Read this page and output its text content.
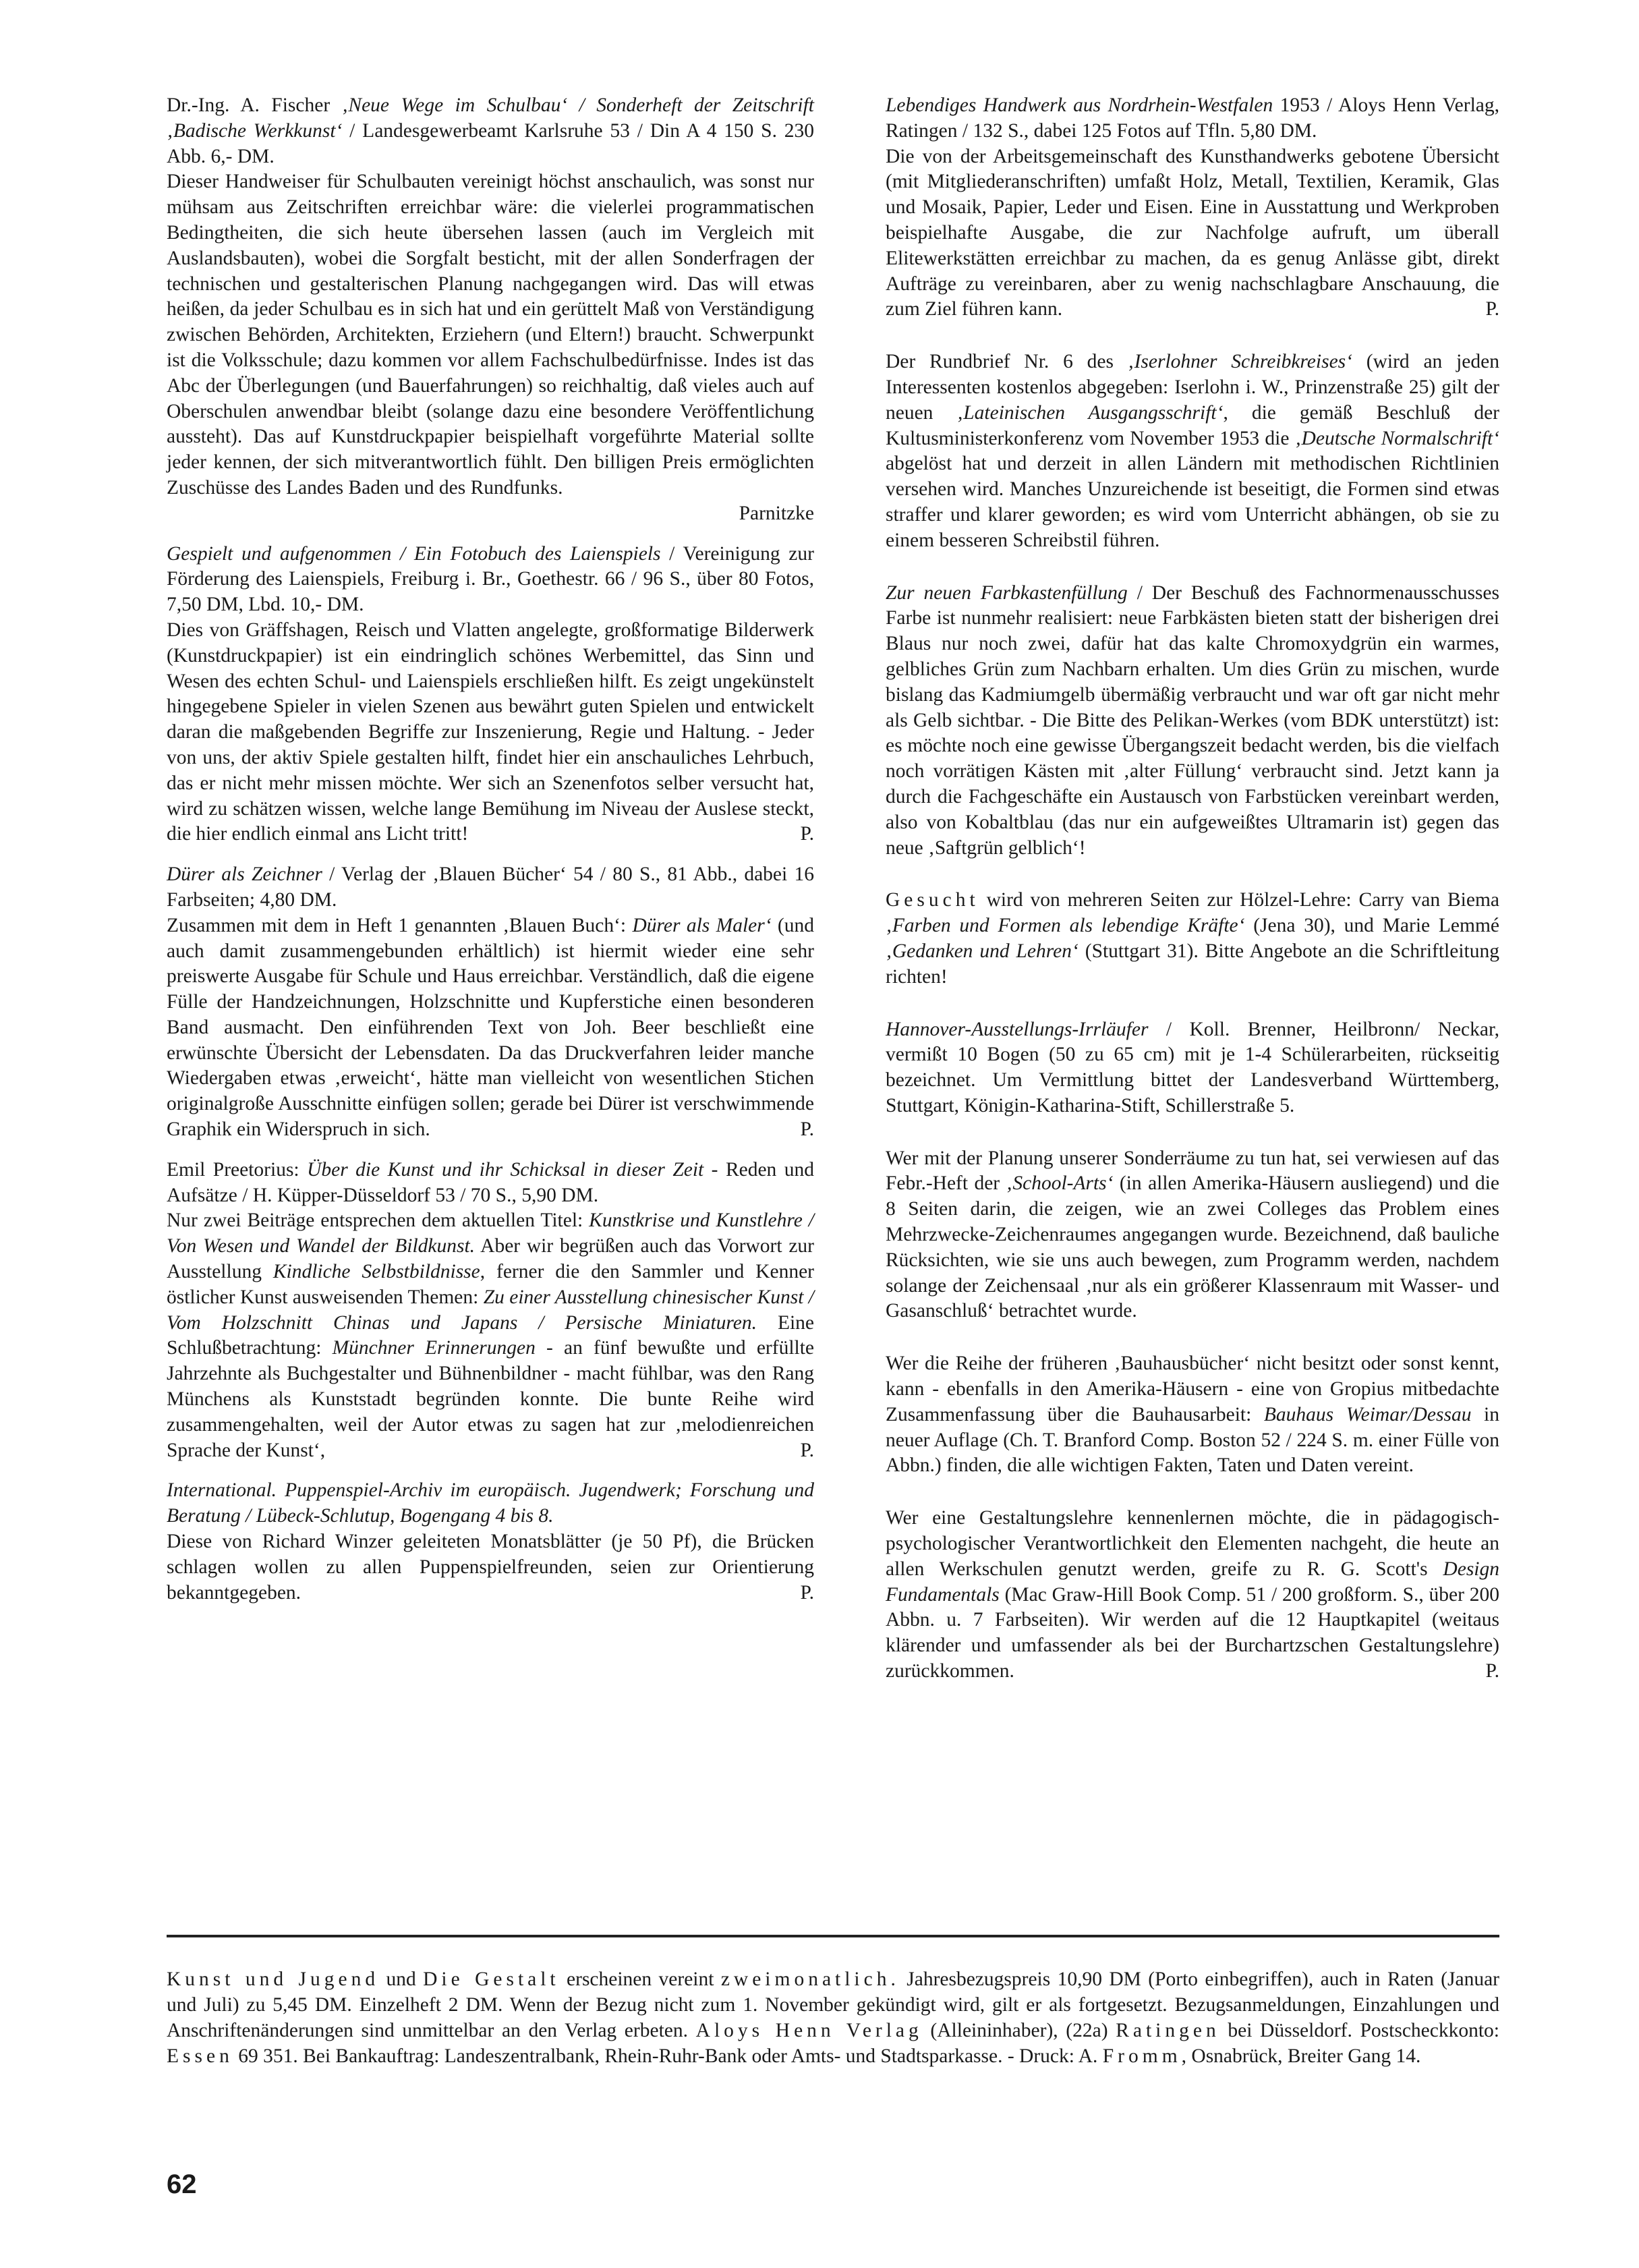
Dr.-Ing. A. Fischer ‚Neue Wege im Schulbau‘ / Sonderheft der Zeitschrift ‚Badische Werkkunst‘ / Landesgewerbeamt Karlsruhe 53 / Din A 4 150 S. 230 Abb. 6,- DM.

Dieser Handweiser für Schulbauten vereinigt höchst anschaulich, was sonst nur mühsam aus Zeitschriften erreichbar wäre: die vielerlei programmatischen Bedingtheiten, die sich heute übersehen lassen (auch im Vergleich mit Auslandsbauten), wobei die Sorgfalt besticht, mit der allen Sonderfragen der technischen und gestalterischen Planung nachgegangen wird. Das will etwas heißen, da jeder Schulbau es in sich hat und ein gerüttelt Maß von Verständigung zwischen Behörden, Architekten, Erziehern (und Eltern!) braucht. Schwerpunkt ist die Volksschule; dazu kommen vor allem Fachschulbedürfnisse. Indes ist das Abc der Überlegungen (und Bauerfahrungen) so reichhaltig, daß vieles auch auf Oberschulen anwendbar bleibt (solange dazu eine besondere Veröffentlichung aussteht). Das auf Kunstdruckpapier beispielhaft vorgeführte Material sollte jeder kennen, der sich mitverantwortlich fühlt. Den billigen Preis ermöglichten Zuschüsse des Landes Baden und des Rundfunks.

Parnitzke

Gespielt und aufgenommen / Ein Fotobuch des Laienspiels / Vereinigung zur Förderung des Laienspiels, Freiburg i. Br., Goethestr. 66 / 96 S., über 80 Fotos, 7,50 DM, Lbd. 10,- DM.

Dies von Gräffshagen, Reisch und Vlatten angelegte, großformatige Bilderwerk (Kunstdruckpapier) ist ein eindringlich schönes Werbemittel, das Sinn und Wesen des echten Schul- und Laienspiels erschließen hilft. Es zeigt ungekünstelt hingegebene Spieler in vielen Szenen aus bewährt guten Spielen und entwickelt daran die maßgebenden Begriffe zur Inszenierung, Regie und Haltung. - Jeder von uns, der aktiv Spiele gestalten hilft, findet hier ein anschauliches Lehrbuch, das er nicht mehr missen möchte. Wer sich an Szenenfotos selber versucht hat, wird zu schätzen wissen, welche lange Bemühung im Niveau der Auslese steckt, die hier endlich einmal ans Licht tritt!	P.

Dürer als Zeichner / Verlag der ‚Blauen Bücher‘ 54 / 80 S., 81 Abb., dabei 16 Farbseiten; 4,80 DM.

Zusammen mit dem in Heft 1 genannten ‚Blauen Buch‘: Dürer als Maler‘ (und auch damit zusammengebunden erhältlich) ist hiermit wieder eine sehr preiswerte Ausgabe für Schule und Haus erreichbar. Verständlich, daß die eigene Fülle der Handzeichnungen, Holzschnitte und Kupferstiche einen besonderen Band ausmacht. Den einführenden Text von Joh. Beer beschließt eine erwünschte Übersicht der Lebensdaten. Da das Druckverfahren leider manche Wiedergaben etwas ‚erweicht‘, hätte man vielleicht von wesentlichen Stichen originalgroße Ausschnitte einfügen sollen; gerade bei Dürer ist verschwimmende Graphik ein Widerspruch in sich.	P.

Emil Preetorius: Über die Kunst und ihr Schicksal in dieser Zeit - Reden und Aufsätze / H. Küpper-Düsseldorf 53 / 70 S., 5,90 DM.

Nur zwei Beiträge entsprechen dem aktuellen Titel: Kunstkrise und Kunstlehre / Von Wesen und Wandel der Bildkunst. Aber wir begrüßen auch das Vorwort zur Ausstellung Kindliche Selbstbildnisse, ferner die den Sammler und Kenner östlicher Kunst ausweisenden Themen: Zu einer Ausstellung chinesischer Kunst / Vom Holzschnitt Chinas und Japans / Persische Miniaturen. Eine Schlußbetrachtung: Münchner Erinnerungen - an fünf bewußte und erfüllte Jahrzehnte als Buchgestalter und Bühnenbildner - macht fühlbar, was den Rang Münchens als Kunststadt begründen konnte. Die bunte Reihe wird zusammengehalten, weil der Autor etwas zu sagen hat zur ‚melodienreichen Sprache der Kunst‘,	P.

International. Puppenspiel-Archiv im europäisch. Jugendwerk; Forschung und Beratung / Lübeck-Schlutup, Bogengang 4 bis 8.

Diese von Richard Winzer geleiteten Monatsblätter (je 50 Pf), die Brücken schlagen wollen zu allen Puppenspielfreunden, seien zur Orientierung bekanntgegeben.	P.

Lebendiges Handwerk aus Nordrhein-Westfalen 1953 / Aloys Henn Verlag, Ratingen / 132 S., dabei 125 Fotos auf Tfln. 5,80 DM.

Die von der Arbeitsgemeinschaft des Kunsthandwerks gebotene Übersicht (mit Mitgliederanschriften) umfaßt Holz, Metall, Textilien, Keramik, Glas und Mosaik, Papier, Leder und Eisen. Eine in Ausstattung und Werkproben beispielhafte Ausgabe, die zur Nachfolge aufruft, um überall Elitewerkstätten erreichbar zu machen, da es genug Anlässe gibt, direkt Aufträge zu vereinbaren, aber zu wenig nachschlagbare Anschauung, die zum Ziel führen kann.	P.

Der Rundbrief Nr. 6 des ‚Iserlohner Schreibkreises‘ (wird an jeden Interessenten kostenlos abgegeben: Iserlohn i. W., Prinzenstraße 25) gilt der neuen ‚Lateinischen Ausgangsschrift‘, die gemäß Beschluß der Kultusministerkonferenz vom November 1953 die ‚Deutsche Normalschrift‘ abgelöst hat und derzeit in allen Ländern mit methodischen Richtlinien versehen wird. Manches Unzureichende ist beseitigt, die Formen sind etwas straffer und klarer geworden; es wird vom Unterricht abhängen, ob sie zu einem besseren Schreibstil führen.

Zur neuen Farbkastenfüllung / Der Beschuß des Fachnormenausschusses Farbe ist nunmehr realisiert: neue Farbkästen bieten statt der bisherigen drei Blaus nur noch zwei, dafür hat das kalte Chromoxydgrün ein warmes, gelbliches Grün zum Nachbarn erhalten. Um dies Grün zu mischen, wurde bislang das Kadmiumgelb übermäßig verbraucht und war oft gar nicht mehr als Gelb sichtbar. - Die Bitte des Pelikan-Werkes (vom BDK unterstützt) ist: es möchte noch eine gewisse Übergangszeit bedacht werden, bis die vielfach noch vorrätigen Kästen mit ‚alter Füllung‘ verbraucht sind. Jetzt kann ja durch die Fachgeschäfte ein Austausch von Farbstücken vereinbart werden, also von Kobaltblau (das nur ein aufgeweißtes Ultramarin ist) gegen das neue ‚Saftgrün gelblich‘!

Gesucht wird von mehreren Seiten zur Hölzel-Lehre: Carry van Biema ‚Farben und Formen als lebendige Kräfte‘ (Jena 30), und Marie Lemmé ‚Gedanken und Lehren‘ (Stuttgart 31). Bitte Angebote an die Schriftleitung richten!

Hannover-Ausstellungs-Irrläufer / Koll. Brenner, Heilbronn/ Neckar, vermißt 10 Bogen (50 zu 65 cm) mit je 1-4 Schülerarbeiten, rückseitig bezeichnet. Um Vermittlung bittet der Landesverband Württemberg, Stuttgart, Königin-Katharina-Stift, Schillerstraße 5.

Wer mit der Planung unserer Sonderräume zu tun hat, sei verwiesen auf das Febr.-Heft der ‚School-Arts‘ (in allen Amerika-Häusern ausliegend) und die 8 Seiten darin, die zeigen, wie an zwei Colleges das Problem eines Mehrzwecke-Zeichenraumes angegangen wurde. Bezeichnend, daß bauliche Rücksichten, wie sie uns auch bewegen, zum Programm werden, nachdem solange der Zeichensaal ‚nur als ein größerer Klassenraum mit Wasser- und Gasanschluß‘ betrachtet wurde.

Wer die Reihe der früheren ‚Bauhausbücher‘ nicht besitzt oder sonst kennt, kann - ebenfalls in den Amerika-Häusern - eine von Gropius mitbedachte Zusammenfassung über die Bauhausarbeit: Bauhaus Weimar/Dessau in neuer Auflage (Ch. T. Branford Comp. Boston 52 / 224 S. m. einer Fülle von Abbn.) finden, die alle wichtigen Fakten, Taten und Daten vereint.

Wer eine Gestaltungslehre kennenlernen möchte, die in pädagogisch-psychologischer Verantwortlichkeit den Elementen nachgeht, die heute an allen Werkschulen genutzt werden, greife zu R. G. Scott's Design Fundamentals (Mac Graw-Hill Book Comp. 51 / 200 großform. S., über 200 Abbn. u. 7 Farbseiten). Wir werden auf die 12 Hauptkapitel (weitaus klärender und umfassender als bei der Burchartzschen Gestaltungslehre) zurückkommen.	P.

Kunst und Jugend und Die Gestalt erscheinen vereint zweimonatlich. Jahresbezugspreis 10,90 DM (Porto einbegriffen), auch in Raten (Januar und Juli) zu 5,45 DM. Einzelheft 2 DM. Wenn der Bezug nicht zum 1. November gekündigt wird, gilt er als fortgesetzt. Bezugsanmeldungen, Einzahlungen und Anschriftenänderungen sind unmittelbar an den Verlag erbeten. Aloys Henn Verlag (Alleininhaber), (22a) Ratingen bei Düsseldorf. Postscheckkonto: Essen 69 351. Bei Bankauftrag: Landeszentralbank, Rhein-Ruhr-Bank oder Amts- und Stadtsparkasse. - Druck: A. Fromm, Osnabrück, Breiter Gang 14.

62
